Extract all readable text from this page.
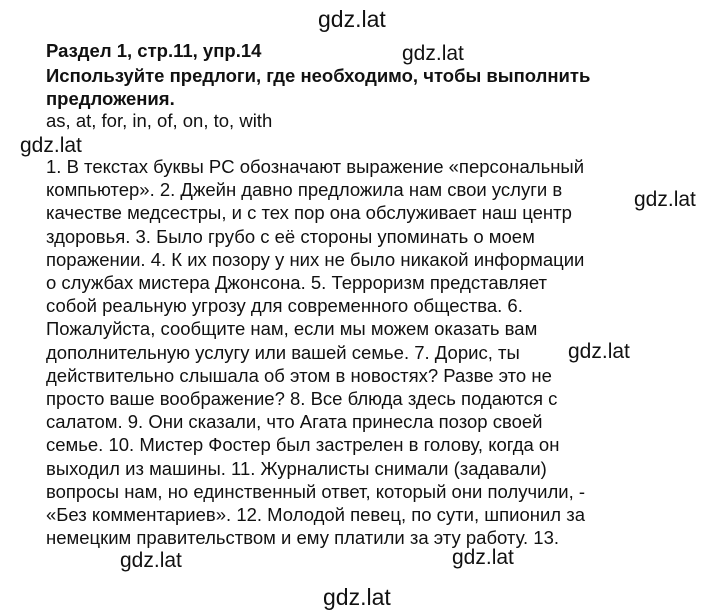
gdz.lat
gdz.lat
gdz.lat
gdz.lat
gdz.lat
gdz.lat	gdz.lat
gdz.lat
Раздел 1, стр.11, упр.14
Используйте предлоги, где необходимо, чтобы выполнить
предложения.
as, at, for, in, of, on, to, with
1. В текстах буквы PC обозначают выражение «персональный
компьютер». 2. Джейн давно предложила нам свои услуги в
качестве медсестры, и с тех пор она обслуживает наш центр
здоровья. 3. Было грубо с её стороны упоминать о моем
поражении. 4. К их позору у них не было никакой информации
о службах мистера Джонсона. 5. Терроризм представляет
собой реальную угрозу для современного общества. 6.
Пожалуйста, сообщите нам, если мы можем оказать вам
дополнительную услугу или вашей семье. 7. Дорис, ты
действительно слышала об этом в новостях? Разве это не
просто ваше воображение? 8. Все блюда здесь подаются с
салатом. 9. Они сказали, что Агата принесла позор своей
семье. 10. Мистер Фостер был застрелен в голову, когда он
выходил из машины. 11. Журналисты снимали (задавали)
вопросы нам, но единственный ответ, который они получили, -
«Без комментариев». 12. Молодой певец, по сути, шпионил за
немецким правительством и ему платили за эту работу. 13.
